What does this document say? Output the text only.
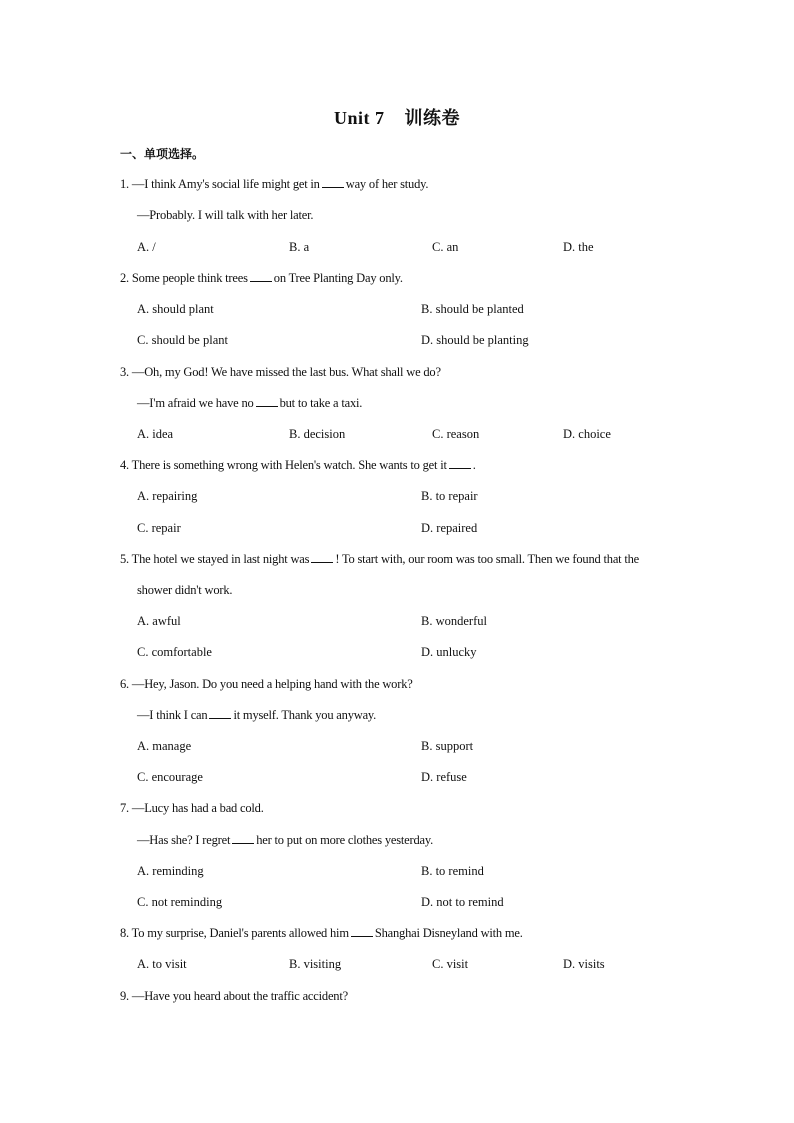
Unit 7 训练卷
一、单项选择。
1. —I think Amy's social life might get in way of her study.
—Probably. I will talk with her later.
A. /	B. a	C. an	D. the
2. Some people think trees on Tree Planting Day only.
A. should plant	B. should be planted
C. should be plant	D. should be planting
3. —Oh, my God! We have missed the last bus. What shall we do?
—I'm afraid we have no but to take a taxi.
A. idea	B. decision	C. reason	D. choice
4. There is something wrong with Helen's watch. She wants to get it .
A. repairing	B. to repair
C. repair	D. repaired
5. The hotel we stayed in last night was ! To start with, our room was too small. Then we found that the
shower didn't work.
A. awful	B. wonderful
C. comfortable	D. unlucky
6. —Hey, Jason. Do you need a helping hand with the work?
—I think I can it myself. Thank you anyway.
A. manage	B. support
C. encourage	D. refuse
7. —Lucy has had a bad cold.
—Has she? I regret her to put on more clothes yesterday.
A. reminding	B. to remind
C. not reminding	D. not to remind
8. To my surprise, Daniel's parents allowed him Shanghai Disneyland with me.
A. to visit	B. visiting	C. visit	D. visits
9. —Have you heard about the traffic accident?
